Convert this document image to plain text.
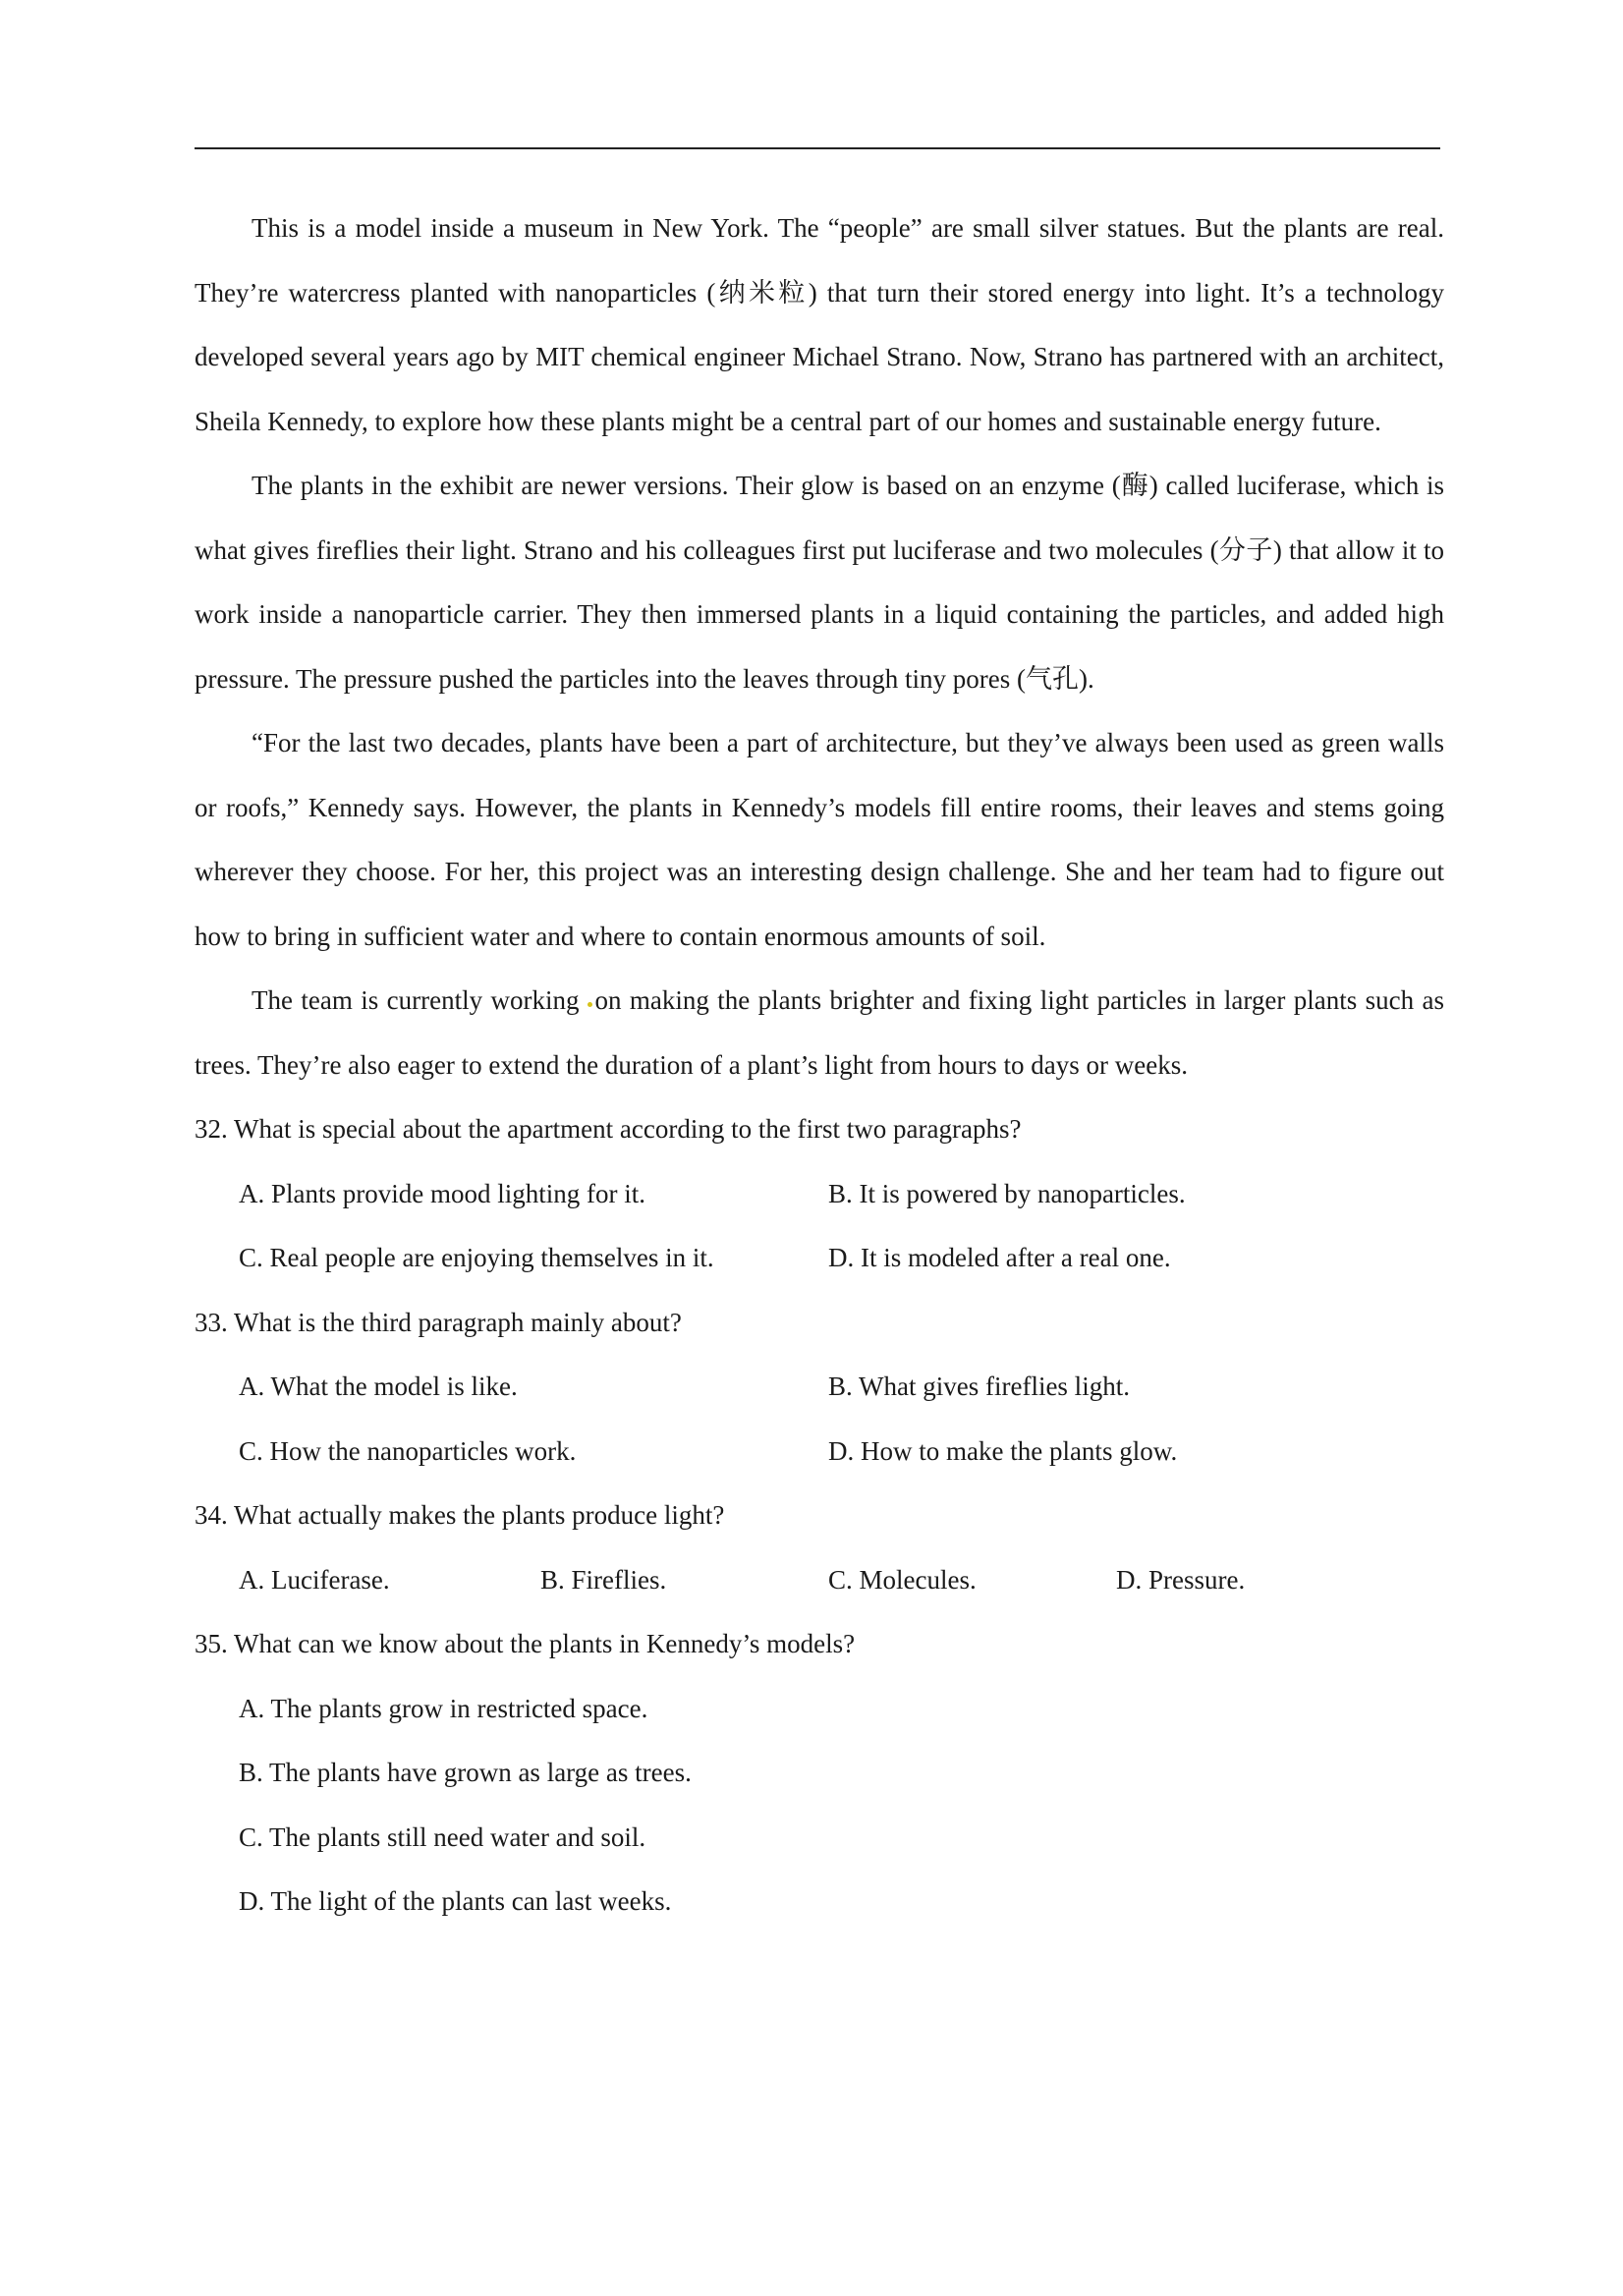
This is a model inside a museum in New York. The “people” are small silver statues. But the plants are real. They’re watercress planted with nanoparticles (纳米粒) that turn their stored energy into light. It’s a technology developed several years ago by MIT chemical engineer Michael Strano. Now, Strano has partnered with an architect, Sheila Kennedy, to explore how these plants might be a central part of our homes and sustainable energy future.

The plants in the exhibit are newer versions. Their glow is based on an enzyme (酶) called luciferase, which is what gives fireflies their light. Strano and his colleagues first put luciferase and two molecules (分子) that allow it to work inside a nanoparticle carrier. They then immersed plants in a liquid containing the particles, and added high pressure. The pressure pushed the particles into the leaves through tiny pores (气孔).

“For the last two decades, plants have been a part of architecture, but they’ve always been used as green walls or roofs,” Kennedy says. However, the plants in Kennedy’s models fill entire rooms, their leaves and stems going wherever they choose. For her, this project was an interesting design challenge. She and her team had to figure out how to bring in sufficient water and where to contain enormous amounts of soil.

The team is currently working on making the plants brighter and fixing light particles in larger plants such as trees. They’re also eager to extend the duration of a plant’s light from hours to days or weeks.

32. What is special about the apartment according to the first two paragraphs?
A. Plants provide mood lighting for it.	B. It is powered by nanoparticles.
C. Real people are enjoying themselves in it.	D. It is modeled after a real one.
33. What is the third paragraph mainly about?
A. What the model is like.	B. What gives fireflies light.
C. How the nanoparticles work.	D. How to make the plants glow.
34. What actually makes the plants produce light?
A. Luciferase.	B. Fireflies.	C. Molecules.	D. Pressure.
35. What can we know about the plants in Kennedy’s models?
A. The plants grow in restricted space.
B. The plants have grown as large as trees.
C. The plants still need water and soil.
D. The light of the plants can last weeks.
